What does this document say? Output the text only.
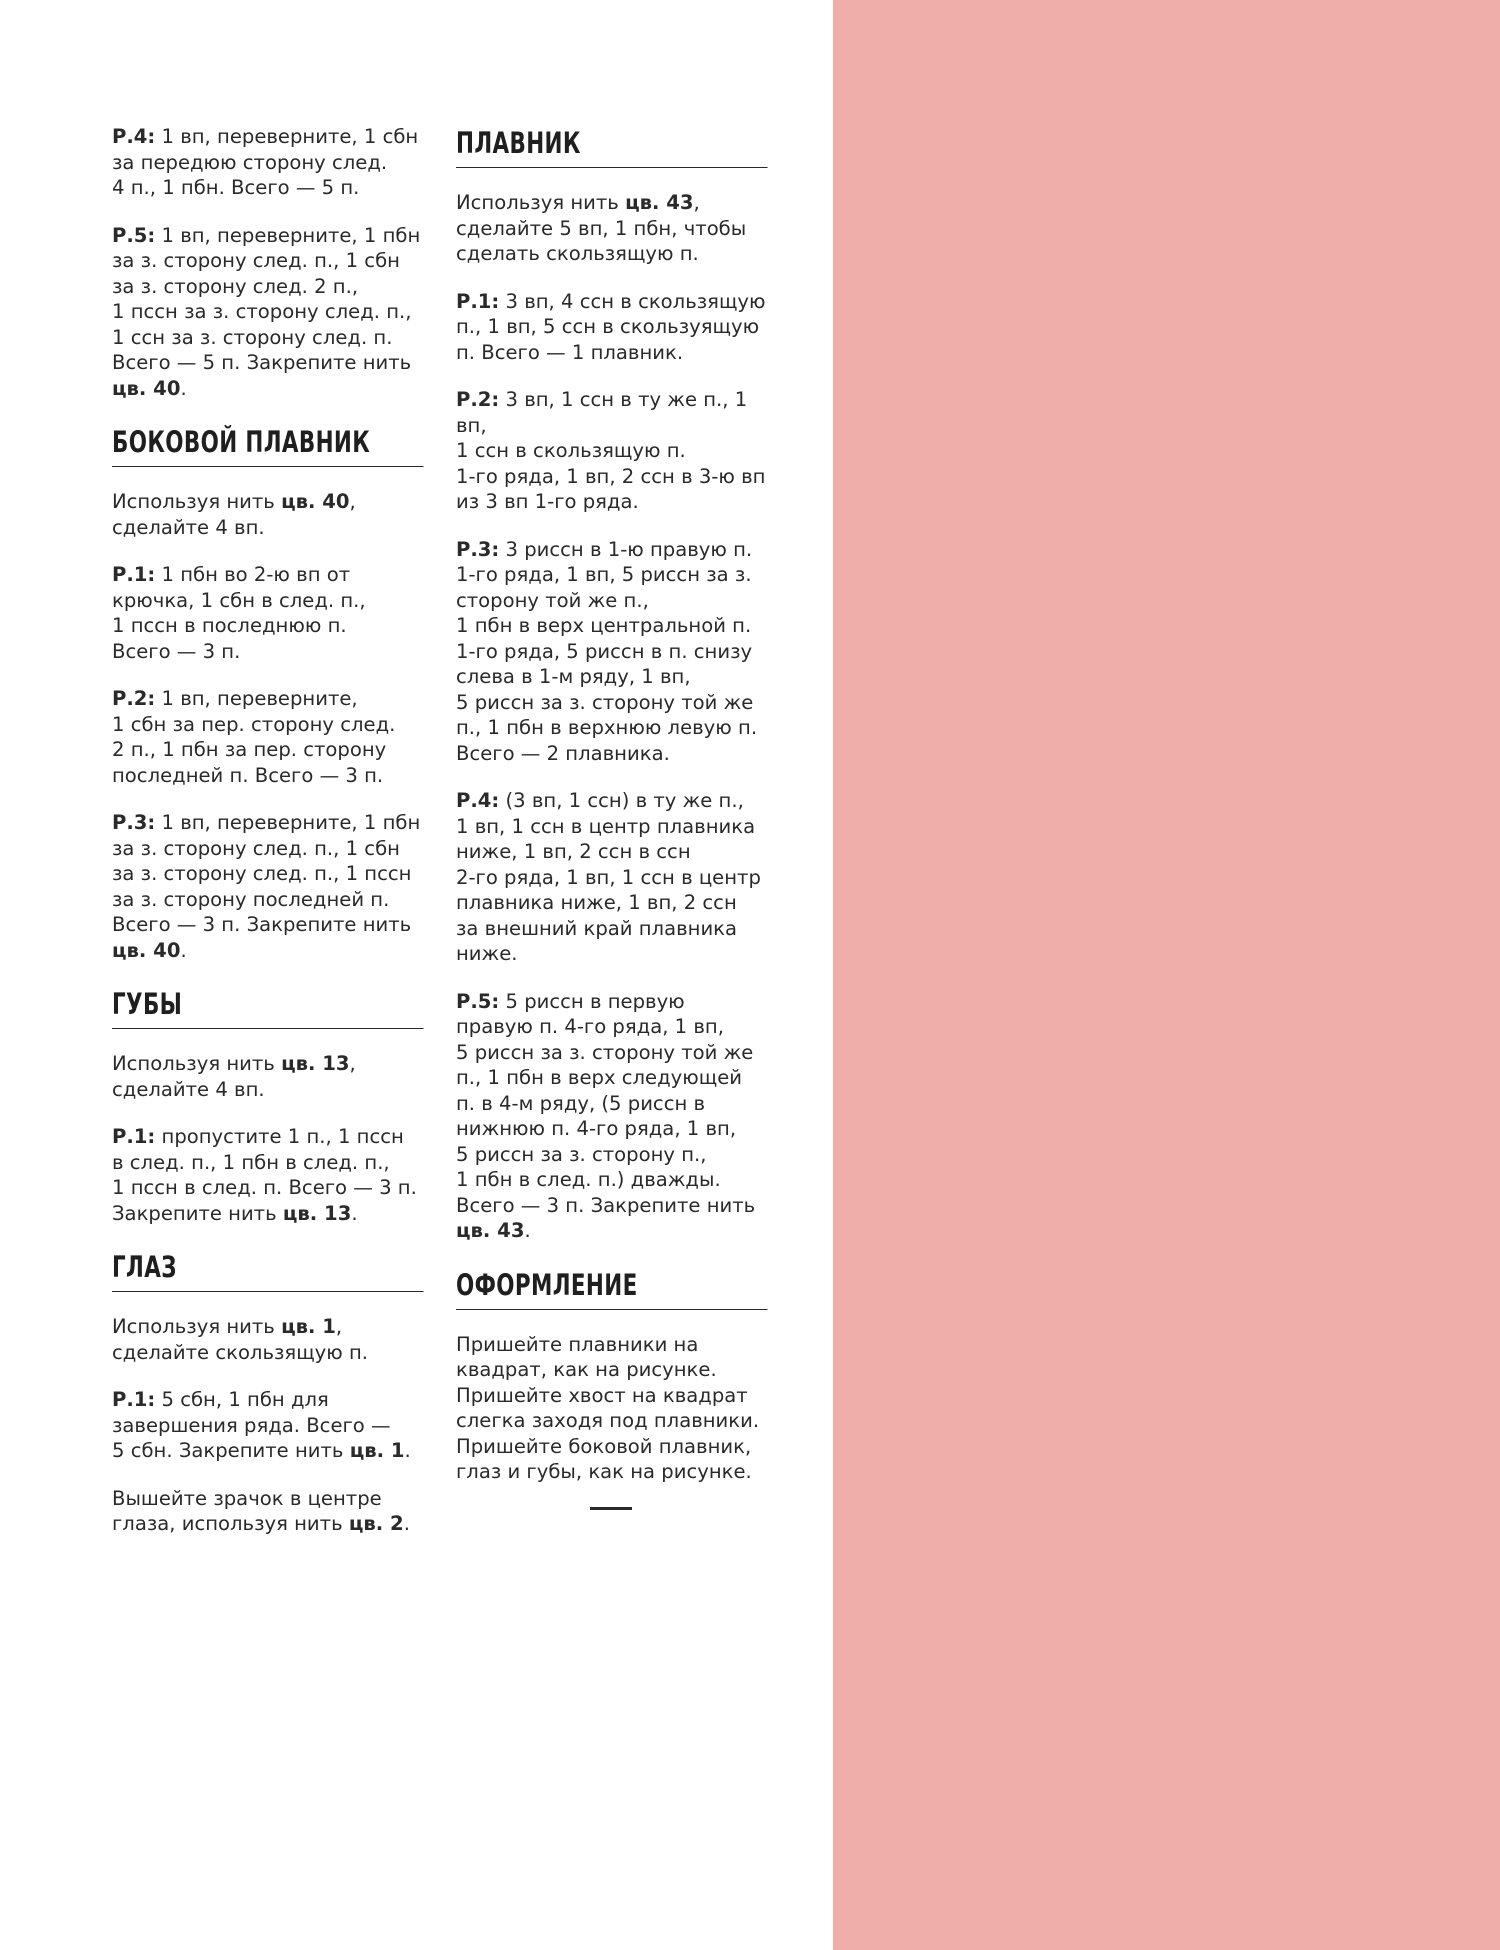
Р.4: 1 вп, переверните, 1 сбн
за передюю сторону след.
4 п., 1 пбн. Всего — 5 п.

Р.5: 1 вп, переверните, 1 пбн
за з. сторону след. п., 1 сбн
за з. сторону след. 2 п.,
1 псcн за з. сторону след. п.,
1 ссн за з. сторону след. п.
Всего — 5 п. Закрепите нить
цв. 40.

БОКОВОЙ ПЛАВНИК

Используя нить цв. 40,
сделайте 4 вп.

Р.1: 1 пбн во 2-ю вп от
крючка, 1 сбн в след. п.,
1 псcн в последнюю п.
Всего — 3 п.

Р.2: 1 вп, переверните,
1 сбн за пер. сторону след.
2 п., 1 пбн за пер. сторону
последней п. Всего — 3 п.

Р.3: 1 вп, переверните, 1 пбн
за з. сторону след. п., 1 сбн
за з. сторону след. п., 1 псcн
за з. сторону последней п.
Всего — 3 п. Закрепите нить
цв. 40.

ГУБЫ

Используя нить цв. 13,
сделайте 4 вп.

Р.1: пропустите 1 п., 1 псcн
в след. п., 1 пбн в след. п.,
1 псcн в след. п. Всего — 3 п.
Закрепите нить цв. 13.

ГЛАЗ

Используя нить цв. 1,
сделайте скользящую п.

Р.1: 5 сбн, 1 пбн для
завершения ряда. Всего —
5 сбн. Закрепите нить цв. 1.

Вышейте зрачок в центре
глаза, используя нить цв. 2.

ПЛАВНИК

Используя нить цв. 43,
сделайте 5 вп, 1 пбн, чтобы
сделать скользящую п.

Р.1: 3 вп, 4 ссн в скользящую
п., 1 вп, 5 ссн в скользуящую
п. Всего — 1 плавник.

Р.2: 3 вп, 1 ссн в ту же п., 1 вп,
1 ссн в скользящую п.
1-го ряда, 1 вп, 2 ссн в 3-ю вп
из 3 вп 1-го ряда.

Р.3: 3 риссн в 1-ю правую п.
1-го ряда, 1 вп, 5 риссн за з.
сторону той же п.,
1 пбн в верх центральной п.
1-го ряда, 5 риссн в п. снизу
слева в 1-м ряду, 1 вп,
5 риссн за з. сторону той же
п., 1 пбн в верхнюю левую п.
Всего — 2 плавника.

Р.4: (3 вп, 1 ссн) в ту же п.,
1 вп, 1 ссн в центр плавника
ниже, 1 вп, 2 ссн в ссн
2-го ряда, 1 вп, 1 ссн в центр
плавника ниже, 1 вп, 2 ссн
за внешний край плавника
ниже.

Р.5: 5 риссн в первую
правую п. 4-го ряда, 1 вп,
5 риссн за з. сторону той же
п., 1 пбн в верх следующей
п. в 4-м ряду, (5 риссн в
нижнюю п. 4-го ряда, 1 вп,
5 риссн за з. сторону п.,
1 пбн в след. п.) дважды.
Всего — 3 п. Закрепите нить
цв. 43.

ОФОРМЛЕНИЕ

Пришейте плавники на
квадрат, как на рисунке.
Пришейте хвост на квадрат
слегка заходя под плавники.
Пришейте боковой плавник,
глаз и губы, как на рисунке.
